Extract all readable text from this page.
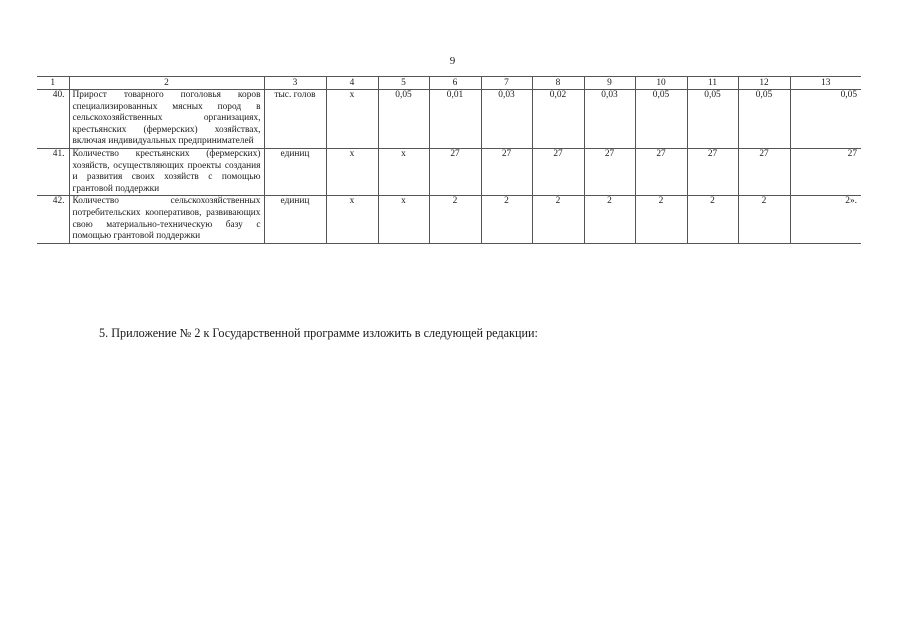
9
1	2	3	4	5	6	7	8	9	10	11	12	13
40.	Прирост товарного поголовья коров специализированных мясных пород в сельскохозяйственных организациях, крестьянских (фермерских) хозяйствах, включая индивидуальных предпринимателей	тыс. голов	х	0,05	0,01	0,03	0,02	0,03	0,05	0,05	0,05	0,05
41.	Количество крестьянских (фермерских) хозяйств, осуществляющих проекты создания и развития своих хозяйств с помощью грантовой поддержки	единиц	х	х	27	27	27	27	27	27	27	27
42.	Количество сельскохозяйственных потребительских кооперативов, развивающих свою материально-техническую базу с помощью грантовой поддержки	единиц	х	х	2	2	2	2	2	2	2	2».
5. Приложение № 2 к Государственной программе изложить в следующей редакции:
